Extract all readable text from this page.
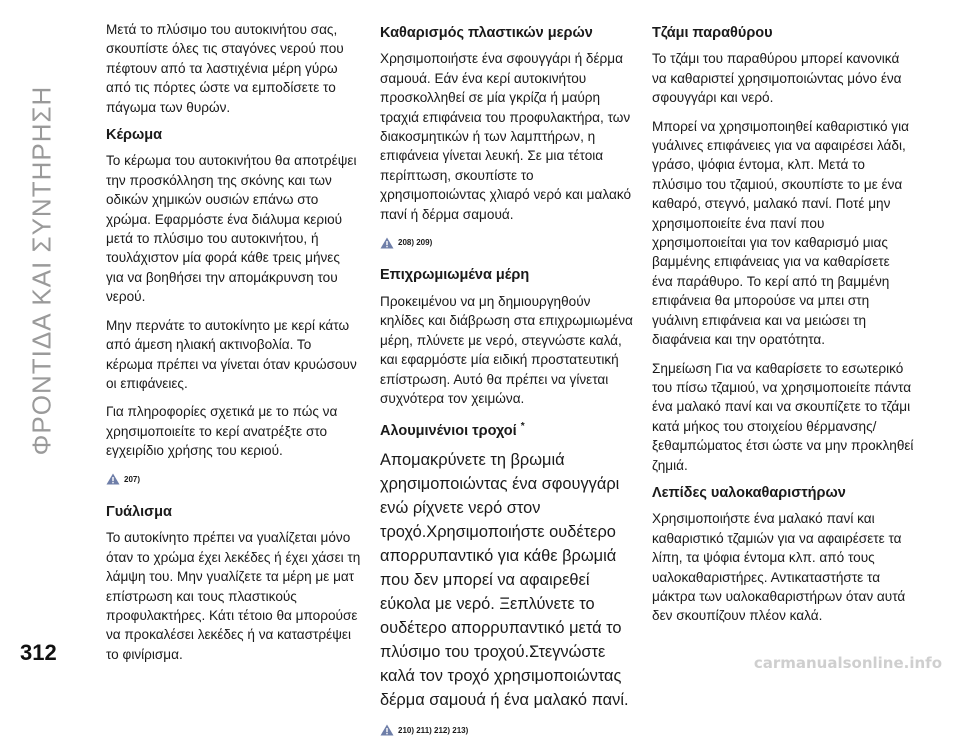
ΦΡΟΝΤΙΔΑ ΚΑΙ ΣΥΝΤΗΡΗΣΗ

Μετά το πλύσιμο του αυτοκινήτου σας, σκουπίστε όλες τις σταγόνες νερού που πέφτουν από τα λαστιχένια μέρη γύρω από τις πόρτες ώστε να εμποδίσετε το πάγωμα των θυρών.

Κέρωμα

Το κέρωμα του αυτοκινήτου θα αποτρέψει την προσκόλληση της σκόνης και των οδικών χημικών ουσιών επάνω στο χρώμα. Εφαρμόστε ένα διάλυμα κεριού μετά το πλύσιμο του αυτοκινήτου, ή τουλάχιστον μία φορά κάθε τρεις μήνες για να βοηθήσει την απομάκρυνση του νερού.

Μην περνάτε το αυτοκίνητο με κερί κάτω από άμεση ηλιακή ακτινοβολία. Το κέρωμα πρέπει να γίνεται όταν κρυώσουν οι επιφάνειες.

Για πληροφορίες σχετικά με το πώς να χρησιμοποιείτε το κερί ανατρέξτε στο εγχειρίδιο χρήσης του κεριού.

207)
Γυάλισμα

Το αυτοκίνητο πρέπει να γυαλίζεται μόνο όταν το χρώμα έχει λεκέδες ή έχει χάσει τη λάμψη του. Μην γυαλίζετε τα μέρη με ματ επίστρωση και τους πλαστικούς προφυλακτήρες. Κάτι τέτοιο θα μπορούσε να προκαλέσει λεκέδες ή να καταστρέψει το φινίρισμα.

Καθαρισμός πλαστικών μερών

Χρησιμοποιήστε ένα σφουγγάρι ή δέρμα σαμουά. Εάν ένα κερί αυτοκινήτου προσκολληθεί σε μία γκρίζα ή μαύρη τραχιά επιφάνεια του προφυλακτήρα, των διακοσμητικών ή των λαμπτήρων, η επιφάνεια γίνεται λευκή. Σε μια τέτοια περίπτωση, σκουπίστε το χρησιμοποιώντας χλιαρό νερό και μαλακό πανί ή δέρμα σαμουά.

208) 209)
Επιχρωμιωμένα μέρη

Προκειμένου να μη δημιουργηθούν κηλίδες και διάβρωση στα επιχρωμιωμένα μέρη, πλύνετε με νερό, στεγνώστε καλά, και εφαρμόστε μία ειδική προστατευτική επίστρωση. Αυτό θα πρέπει να γίνεται συχνότερα τον χειμώνα.

Αλουμινένιοι τροχοί *

Απομακρύνετε τη βρωμιά χρησιμοποιώντας ένα σφουγγάρι ενώ ρίχνετε νερό στον τροχό.Χρησιμοποιήστε ουδέτερο απορρυπαντικό για κάθε βρωμιά που δεν μπορεί να αφαιρεθεί εύκολα με νερό. Ξεπλύνετε το ουδέτερο απορρυπαντικό μετά το πλύσιμο του τροχού.Στεγνώστε καλά τον τροχό χρησιμοποιώντας δέρμα σαμουά ή ένα μαλακό πανί.

210) 211) 212) 213)
Τζάμι παραθύρου

Το τζάμι του παραθύρου μπορεί κανονικά να καθαριστεί χρησιμοποιώντας μόνο ένα σφουγγάρι και νερό.

Μπορεί να χρησιμοποιηθεί καθαριστικό για γυάλινες επιφάνειες για να αφαιρέσει λάδι, γράσο, ψόφια έντομα, κλπ. Μετά το πλύσιμο του τζαμιού, σκουπίστε το με ένα καθαρό, στεγνό, μαλακό πανί. Ποτέ μην χρησιμοποιείτε ένα πανί που χρησιμοποιείται για τον καθαρισμό μιας βαμμένης επιφάνειας για να καθαρίσετε ένα παράθυρο. Το κερί από τη βαμμένη επιφάνεια θα μπορούσε να μπει στη γυάλινη επιφάνεια και να μειώσει τη διαφάνεια και την ορατότητα.

Σημείωση Για να καθαρίσετε το εσωτερικό του πίσω τζαμιού, να χρησιμοποιείτε πάντα ένα μαλακό πανί και να σκουπίζετε το τζάμι κατά μήκος του στοιχείου θέρμανσης/ ξεθαμπώματος έτσι ώστε να μην προκληθεί ζημιά.

Λεπίδες υαλοκαθαριστήρων

Χρησιμοποιήστε ένα μαλακό πανί και καθαριστικό τζαμιών για να αφαιρέσετε τα λίπη, τα ψόφια έντομα κλπ. από τους υαλοκαθαριστήρες. Αντικαταστήστε τα μάκτρα των υαλοκαθαριστήρων όταν αυτά δεν σκουπίζουν πλέον καλά.

312	carmanualsonline.info
